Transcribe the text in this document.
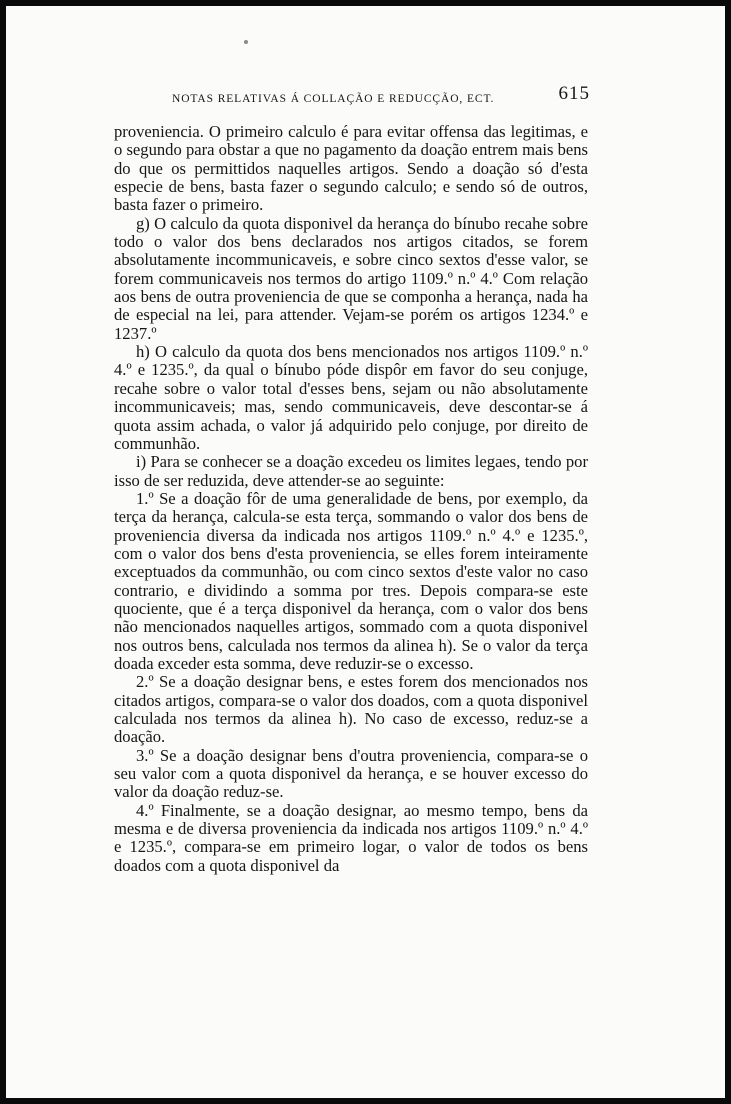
NOTAS RELATIVAS Á COLLAÇÃO E REDUCÇÃO, ECT.	615

proveniencia. O primeiro calculo é para evitar offensa das legitimas, e o segundo para obstar a que no pagamento da doação entrem mais bens do que os permittidos naquelles artigos. Sendo a doação só d'esta especie de bens, basta fazer o segundo calculo; e sendo só de outros, basta fazer o primeiro.

g) O calculo da quota disponivel da herança do bínubo recahe sobre todo o valor dos bens declarados nos artigos citados, se forem absolutamente incommunicaveis, e sobre cinco sextos d'esse valor, se forem communicaveis nos termos do artigo 1109.º n.º 4.º Com relação aos bens de outra proveniencia de que se componha a herança, nada ha de especial na lei, para attender. Vejam-se porém os artigos 1234.º e 1237.º

h) O calculo da quota dos bens mencionados nos artigos 1109.º n.º 4.º e 1235.º, da qual o bínubo póde dispôr em favor do seu conjuge, recahe sobre o valor total d'esses bens, sejam ou não absolutamente incommunicaveis; mas, sendo communicaveis, deve descontar-se á quota assim achada, o valor já adquirido pelo conjuge, por direito de communhão.

i) Para se conhecer se a doação excedeu os limites legaes, tendo por isso de ser reduzida, deve attender-se ao seguinte:

1.º Se a doação fôr de uma generalidade de bens, por exemplo, da terça da herança, calcula-se esta terça, sommando o valor dos bens de proveniencia diversa da indicada nos artigos 1109.º n.º 4.º e 1235.º, com o valor dos bens d'esta proveniencia, se elles forem inteiramente exceptuados da communhão, ou com cinco sextos d'este valor no caso contrario, e dividindo a somma por tres. Depois compara-se este quociente, que é a terça disponivel da herança, com o valor dos bens não mencionados naquelles artigos, sommado com a quota disponivel nos outros bens, calculada nos termos da alinea h). Se o valor da terça doada exceder esta somma, deve reduzir-se o excesso.

2.º Se a doação designar bens, e estes forem dos mencionados nos citados artigos, compara-se o valor dos doados, com a quota disponivel calculada nos termos da alinea h). No caso de excesso, reduz-se a doação.

3.º Se a doação designar bens d'outra proveniencia, compara-se o seu valor com a quota disponivel da herança, e se houver excesso do valor da doação reduz-se.

4.º Finalmente, se a doação designar, ao mesmo tempo, bens da mesma e de diversa proveniencia da indicada nos artigos 1109.º n.º 4.º e 1235.º, compara-se em primeiro logar, o valor de todos os bens doados com a quota disponivel da
